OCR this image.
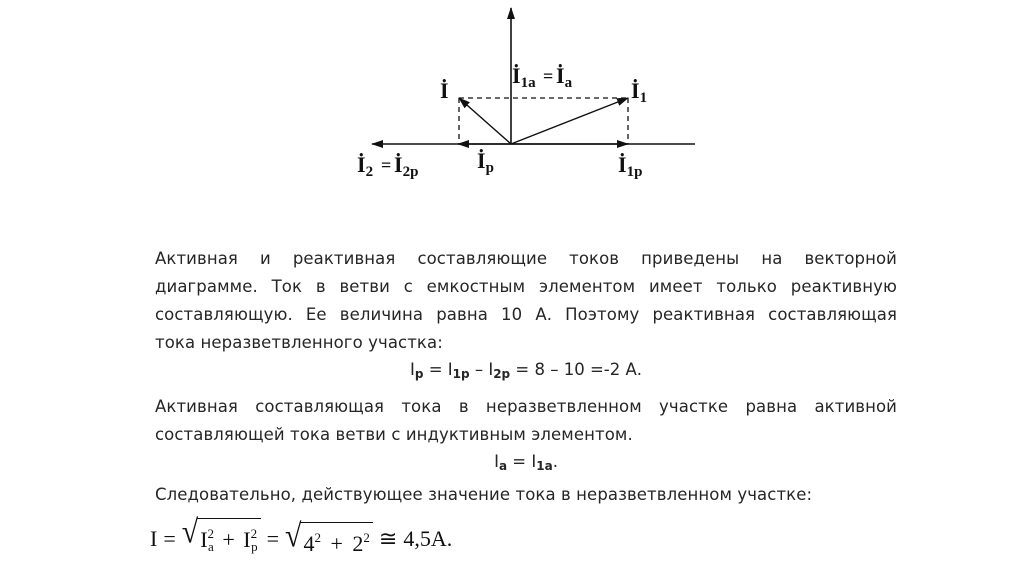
İ
İ1a = İa	İ1
İ2 = İ2p	İp	İ1p

Активная и реактивная составляющие токов приведены на векторной

диаграмме. Ток в ветви с емкостным элементом имеет только реактивную

составляющую. Ее величина равна 10 А. Поэтому реактивная составляющая

тока неразветвленного участка:

$I_p = I_{1p} - I_{2p} = 8 - 10 =-2$ А.

Активная составляющая тока в неразветвленном участке равна активной

составляющей тока ветви с индуктивным элементом.

$I_a = I_{1a}$.

Следовательно, действующее значение тока в неразветвленном участке:

I = √ $I^2_a + I^2_p$ = √ $4^2 + 2^2$ ≅ 4,5А.
